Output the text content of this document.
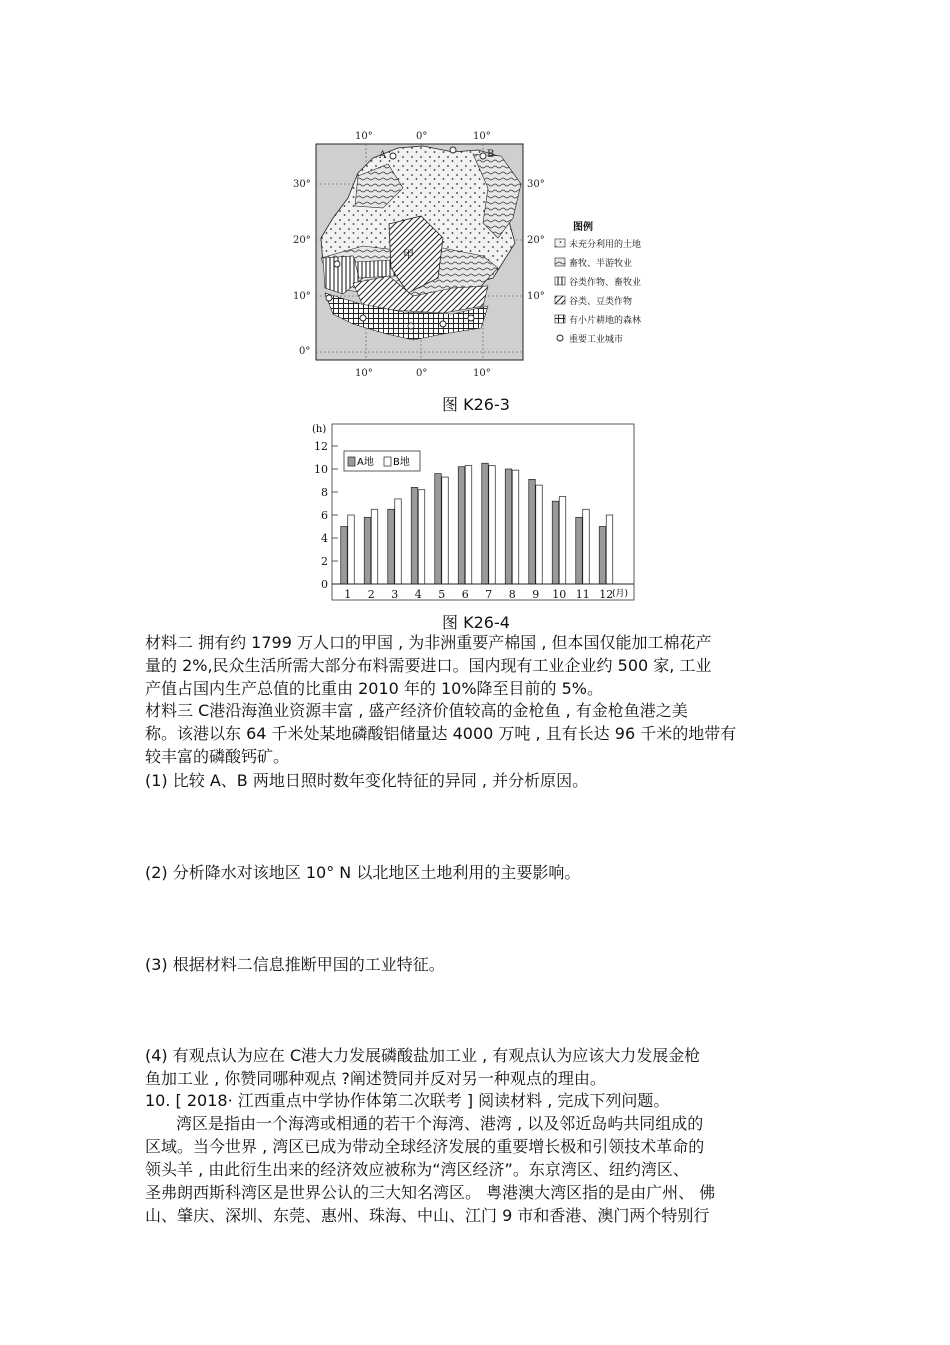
10°	0°	10°
10°	0°	10°
30°
20°
10°
0°
30°
20°
10°
A	B
甲
图例
未充分利用的土地
畜牧、半游牧业
谷类作物、畜牧业
谷类、豆类作物
有小片耕地的森林
重要工业城市
图 K26-3
0
2
4
6
8
10
12
1 2 3 4 5 6 7 8 9 10 11 12
(h)
(月)
A地 B地
图 K26-4

材料二 拥有约 1799 万人口的甲国 , 为非洲重要产棉国 , 但本国仅能加工棉花产

量的 2%,民众生活所需大部分布料需要进口。国内现有工业企业约 500 家, 工业

产值占国内生产总值的比重由 2010 年的 10%降至目前的 5%。

材料三 C港沿海渔业资源丰富 , 盛产经济价值较高的金枪鱼 , 有金枪鱼港之美

称。该港以东 64 千米处某地磷酸铝储量达 4000 万吨 , 且有长达 96 千米的地带有

较丰富的磷酸钙矿。

(1) 比较 A、B 两地日照时数年变化特征的异同 , 并分析原因。

(2) 分析降水对该地区 10° N 以北地区土地利用的主要影响。

(3) 根据材料二信息推断甲国的工业特征。

(4) 有观点认为应在 C港大力发展磷酸盐加工业 , 有观点认为应该大力发展金枪

鱼加工业 , 你赞同哪种观点 ?阐述赞同并反对另一种观点的理由。

10. [ 2018· 江西重点中学协作体第二次联考 ] 阅读材料 , 完成下列问题。

湾区是指由一个海湾或相通的若干个海湾、港湾 , 以及邻近岛屿共同组成的

区域。当今世界 , 湾区已成为带动全球经济发展的重要增长极和引领技术革命的

领头羊 , 由此衍生出来的经济效应被称为“湾区经济”。东京湾区、纽约湾区、

圣弗朗西斯科湾区是世界公认的三大知名湾区。 粤港澳大湾区指的是由广州、 佛

山、肇庆、深圳、东莞、惠州、珠海、中山、江门 9 市和香港、澳门两个特别行
